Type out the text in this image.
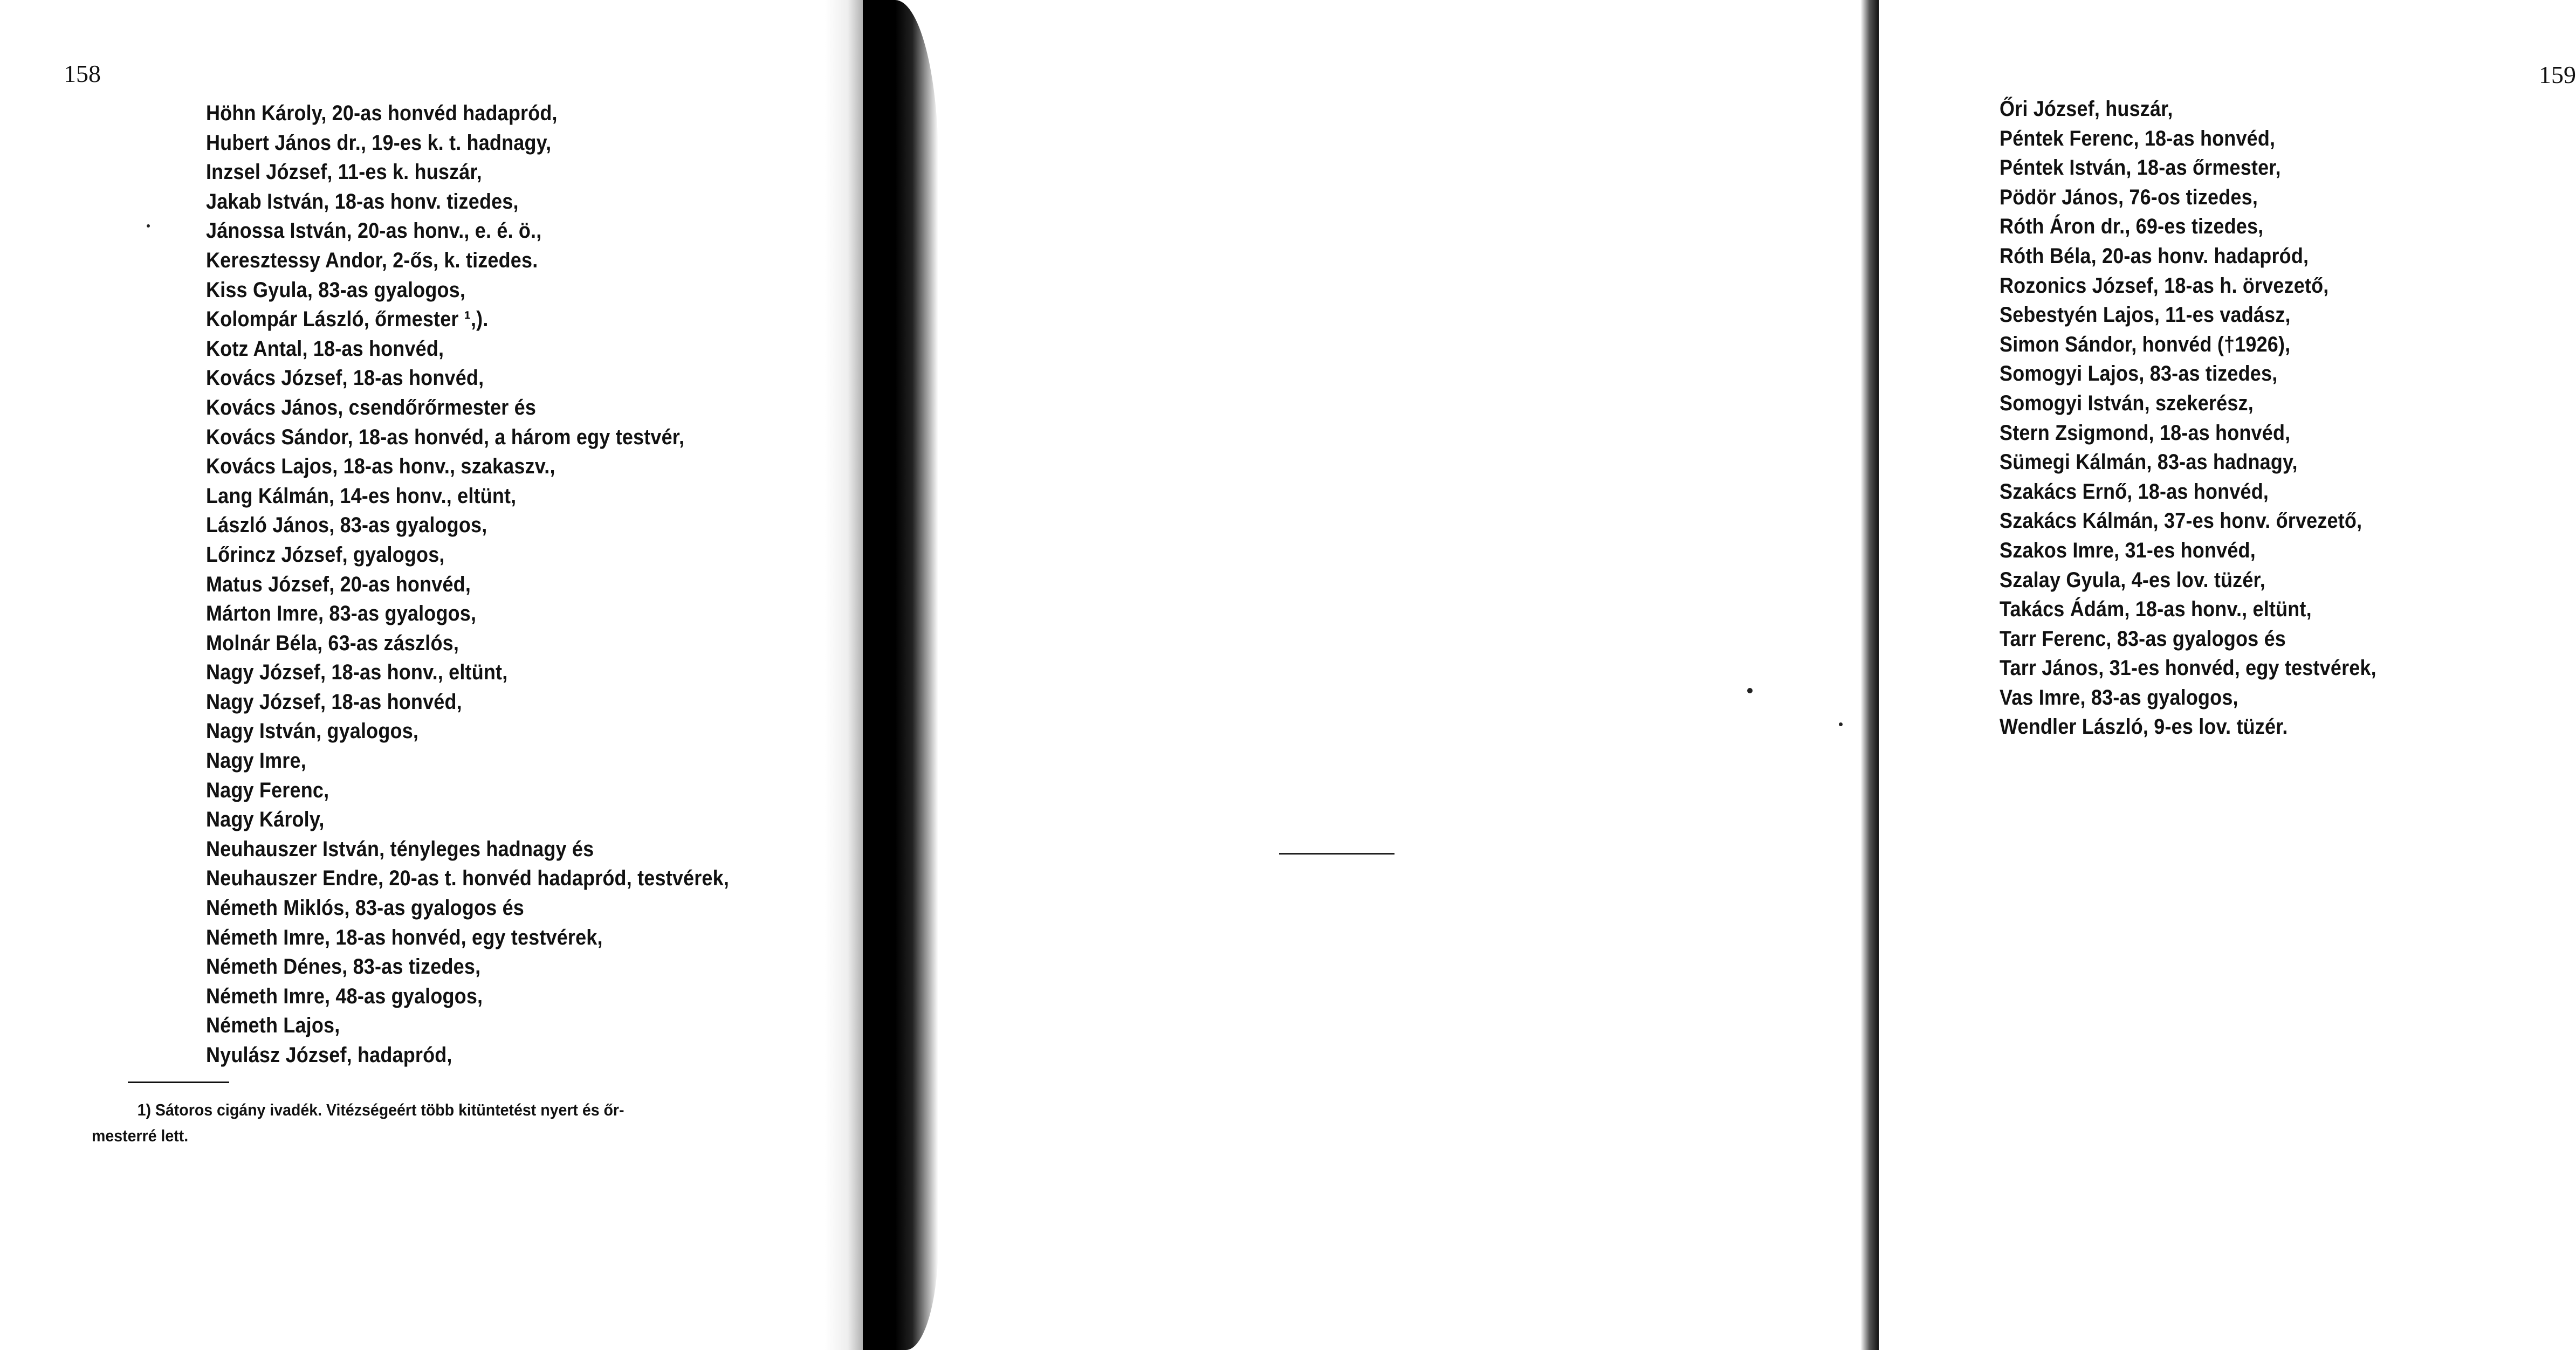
158
Höhn Károly, 20-as honvéd hadapród,
Hubert János dr., 19-es k. t. hadnagy,
Inzsel József, 11-es k. huszár,
Jakab István, 18-as honv. tizedes,
Jánossa István, 20-as honv., e. é. ö.,
Keresztessy Andor, 2-ős, k. tizedes.
Kiss Gyula, 83-as gyalogos,
Kolompár László, őrmester ¹,).
Kotz Antal, 18-as honvéd,
Kovács József, 18-as honvéd,
Kovács János, csendőrőrmester és
Kovács Sándor, 18-as honvéd, a három egy testvér,
Kovács Lajos, 18-as honv., szakaszv.,
Lang Kálmán, 14-es honv., eltünt,
László János, 83-as gyalogos,
Lőrincz József, gyalogos,
Matus József, 20-as honvéd,
Márton Imre, 83-as gyalogos,
Molnár Béla, 63-as zászlós,
Nagy József, 18-as honv., eltünt,
Nagy József, 18-as honvéd,
Nagy István, gyalogos,
Nagy Imre,
Nagy Ferenc,
Nagy Károly,
Neuhauszer István, tényleges hadnagy és
Neuhauszer Endre, 20-as t. honvéd hadapród, testvérek,
Németh Miklós, 83-as gyalogos és
Németh Imre, 18-as honvéd, egy testvérek,
Németh Dénes, 83-as tizedes,
Németh Imre, 48-as gyalogos,
Németh Lajos,
Nyulász József, hadapród,

1) Sátoros cigány ivadék. Vitézségeért több kitüntetést nyert és őr-
mesterré lett.

159
Őri József, huszár,
Péntek Ferenc, 18-as honvéd,
Péntek István, 18-as őrmester,
Pödör János, 76-os tizedes,
Róth Áron dr., 69-es tizedes,
Róth Béla, 20-as honv. hadapród,
Rozonics József, 18-as h. örvezető,
Sebestyén Lajos, 11-es vadász,
Simon Sándor, honvéd (†1926),
Somogyi Lajos, 83-as tizedes,
Somogyi István, szekerész,
Stern Zsigmond, 18-as honvéd,
Sümegi Kálmán, 83-as hadnagy,
Szakács Ernő, 18-as honvéd,
Szakács Kálmán, 37-es honv. őrvezető,
Szakos Imre, 31-es honvéd,
Szalay Gyula, 4-es lov. tüzér,
Takács Ádám, 18-as honv., eltünt,
Tarr Ferenc, 83-as gyalogos és
Tarr János, 31-es honvéd, egy testvérek,
Vas Imre, 83-as gyalogos,
Wendler László, 9-es lov. tüzér.
